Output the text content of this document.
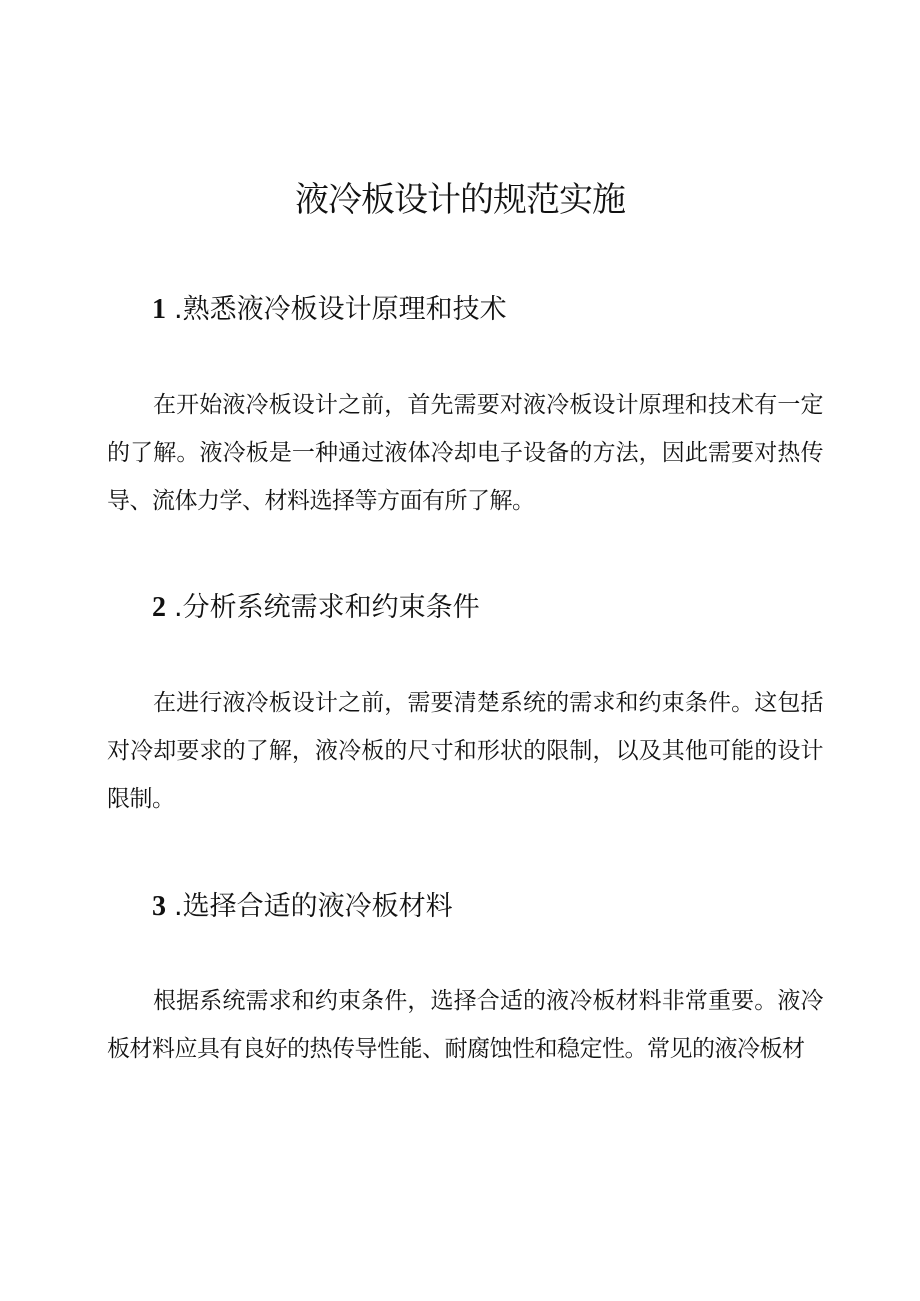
液冷板设计的规范实施
1 .熟悉液冷板设计原理和技术

在开始液冷板设计之前，首先需要对液冷板设计原理和技术有一定的了解。液冷板是一种通过液体冷却电子设备的方法，因此需要对热传导、流体力学、材料选择等方面有所了解。

2 .分析系统需求和约束条件

在进行液冷板设计之前，需要清楚系统的需求和约束条件。这包括对冷却要求的了解，液冷板的尺寸和形状的限制，以及其他可能的设计限制。

3 .选择合适的液冷板材料

根据系统需求和约束条件，选择合适的液冷板材料非常重要。液冷板材料应具有良好的热传导性能、耐腐蚀性和稳定性。常见的液冷板材
